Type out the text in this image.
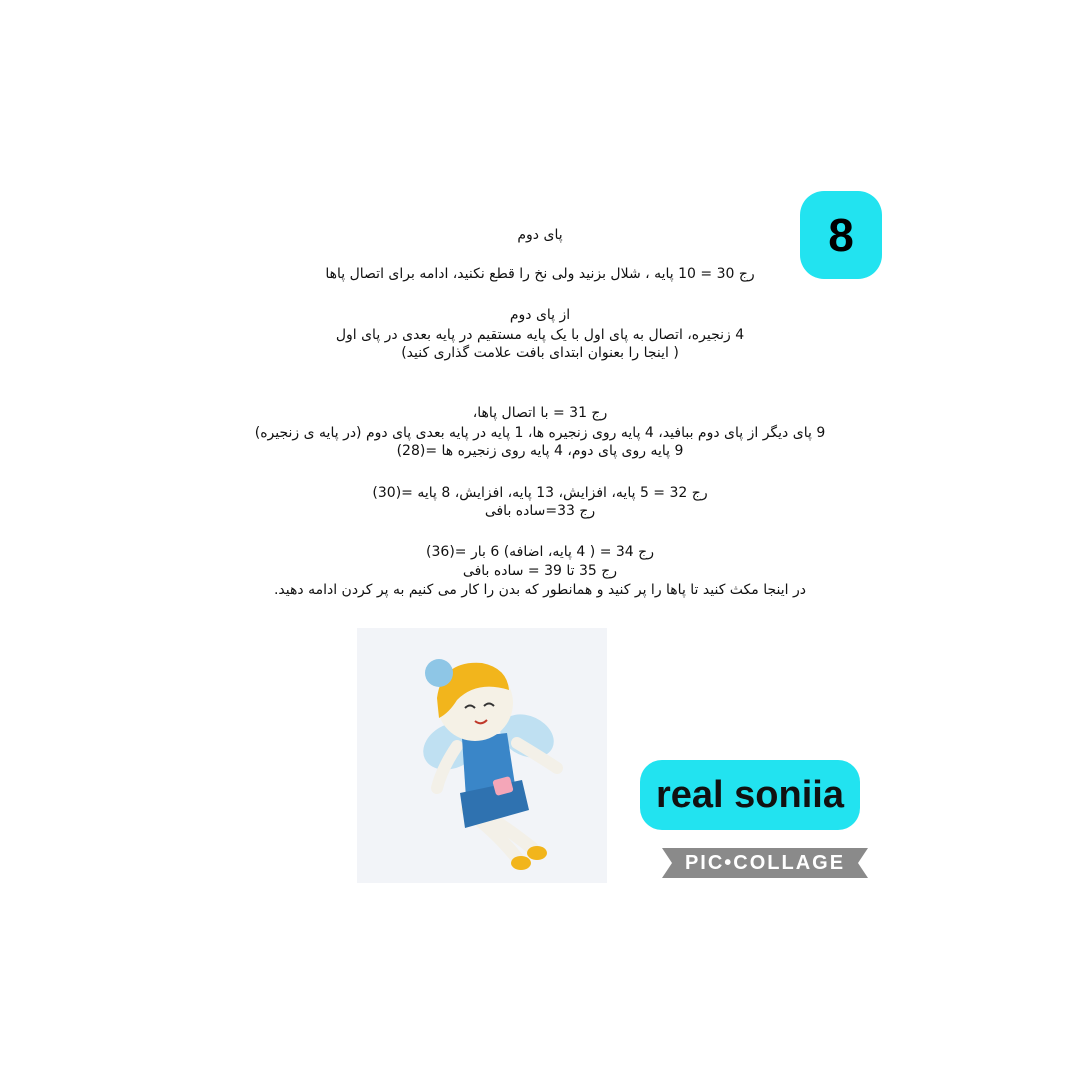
8
پای دوم
رج 30 = 10 پایه ، شلال بزنید ولی نخ را قطع نکنید، ادامه برای اتصال پاها
از پای دوم
4 زنجیره، اتصال به پای اول با یک پایه مستقیم در پایه بعدی در پای اول
( اینجا را بعنوان ابتدای بافت علامت گذاری کنید)
رج 31 = با اتصال پاها،
9 پای دیگر از پای دوم ببافید، 4 پایه روی زنجیره ها، 1 پایه در پایه بعدی پای دوم (در پایه ی زنجیره)
9 پایه روی پای دوم، 4 پایه روی زنجیره ها =(28)
رج 32 = 5 پایه، افزایش، 13 پایه، افزایش، 8 پایه =(30)
رج 33=ساده بافی
رج 34 = ( 4 پایه، اضافه) 6 بار =(36)
رج 35 تا 39 = ساده بافی
در اینجا مکث کنید تا پاها را پر کنید و همانطور که بدن را کار می کنیم به پر کردن ادامه دهید.
real soniia
PIC•COLLAGE
